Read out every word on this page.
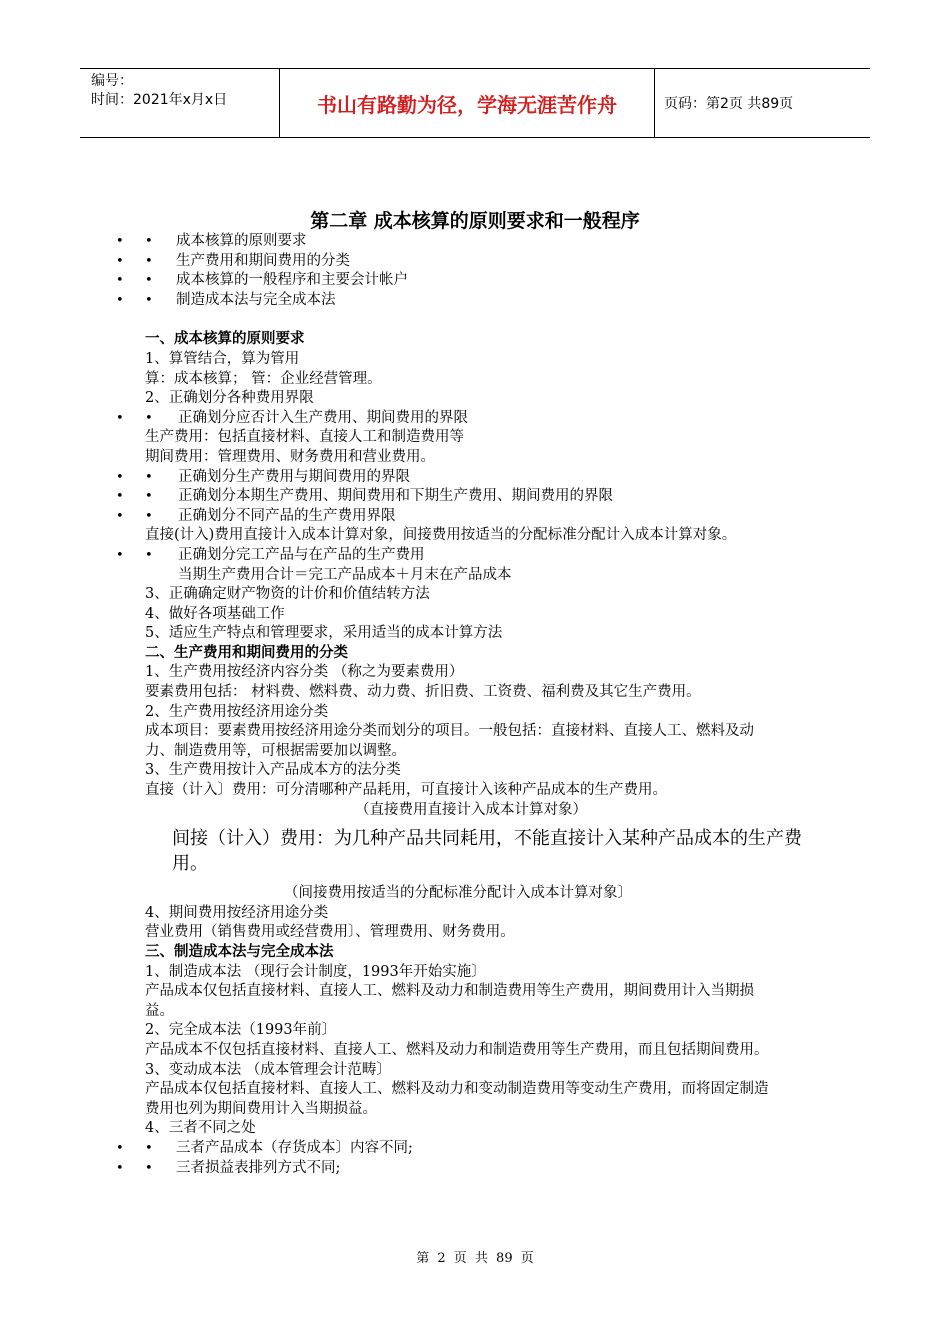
编号：
时间：2021年x月x日	书山有路勤为径，学海无涯苦作舟	页码：第2页 共89页
第二章 成本核算的原则要求和一般程序
• •	成本核算的原则要求
• •	生产费用和期间费用的分类
• •	成本核算的一般程序和主要会计帐户
• •	制造成本法与完全成本法
一、成本核算的原则要求
1、算管结合，算为管用
算：成本核算； 管：企业经营管理。
2、正确划分各种费用界限
• •	正确划分应否计入生产费用、期间费用的界限
生产费用：包括直接材料、直接人工和制造费用等
期间费用：管理费用、财务费用和营业费用。
• •	正确划分生产费用与期间费用的界限
• •	正确划分本期生产费用、期间费用和下期生产费用、期间费用的界限
• •	正确划分不同产品的生产费用界限
直接(计入)费用直接计入成本计算对象，间接费用按适当的分配标准分配计入成本计算对象。
• •	正确划分完工产品与在产品的生产费用
当期生产费用合计＝完工产品成本＋月末在产品成本
3、正确确定财产物资的计价和价值结转方法
4、做好各项基础工作
5、适应生产特点和管理要求，采用适当的成本计算方法
二、生产费用和期间费用的分类
1、生产费用按经济内容分类 （称之为要素费用）
要素费用包括： 材料费、燃料费、动力费、折旧费、工资费、福利费及其它生产费用。
2、生产费用按经济用途分类
成本项目：要素费用按经济用途分类而划分的项目。一般包括：直接材料、直接人工、燃料及动力、制造费用等，可根据需要加以调整。
3、生产费用按计入产品成本方的法分类
直接（计入〕费用：可分清哪种产品耗用，可直接计入该种产品成本的生产费用。
（直接费用直接计入成本计算对象）
间接（计入）费用：为几种产品共同耗用，不能直接计入某种产品成本的生产费用。
（间接费用按适当的分配标准分配计入成本计算对象〕
4、期间费用按经济用途分类
营业费用（销售费用或经营费用〕、管理费用、财务费用。
三、制造成本法与完全成本法
1、制造成本法 （现行会计制度，1993年开始实施〕
产品成本仅包括直接材料、直接人工、燃料及动力和制造费用等生产费用，期间费用计入当期损益。
2、完全成本法（1993年前〕
产品成本不仅包括直接材料、直接人工、燃料及动力和制造费用等生产费用，而且包括期间费用。
3、变动成本法 （成本管理会计范畴〕
产品成本仅包括直接材料、直接人工、燃料及动力和变动制造费用等变动生产费用，而将固定制造费用也列为期间费用计入当期损益。
4、三者不同之处
• •	三者产品成本（存货成本〕内容不同;
• •	三者损益表排列方式不同;
第 2 页 共 89 页
